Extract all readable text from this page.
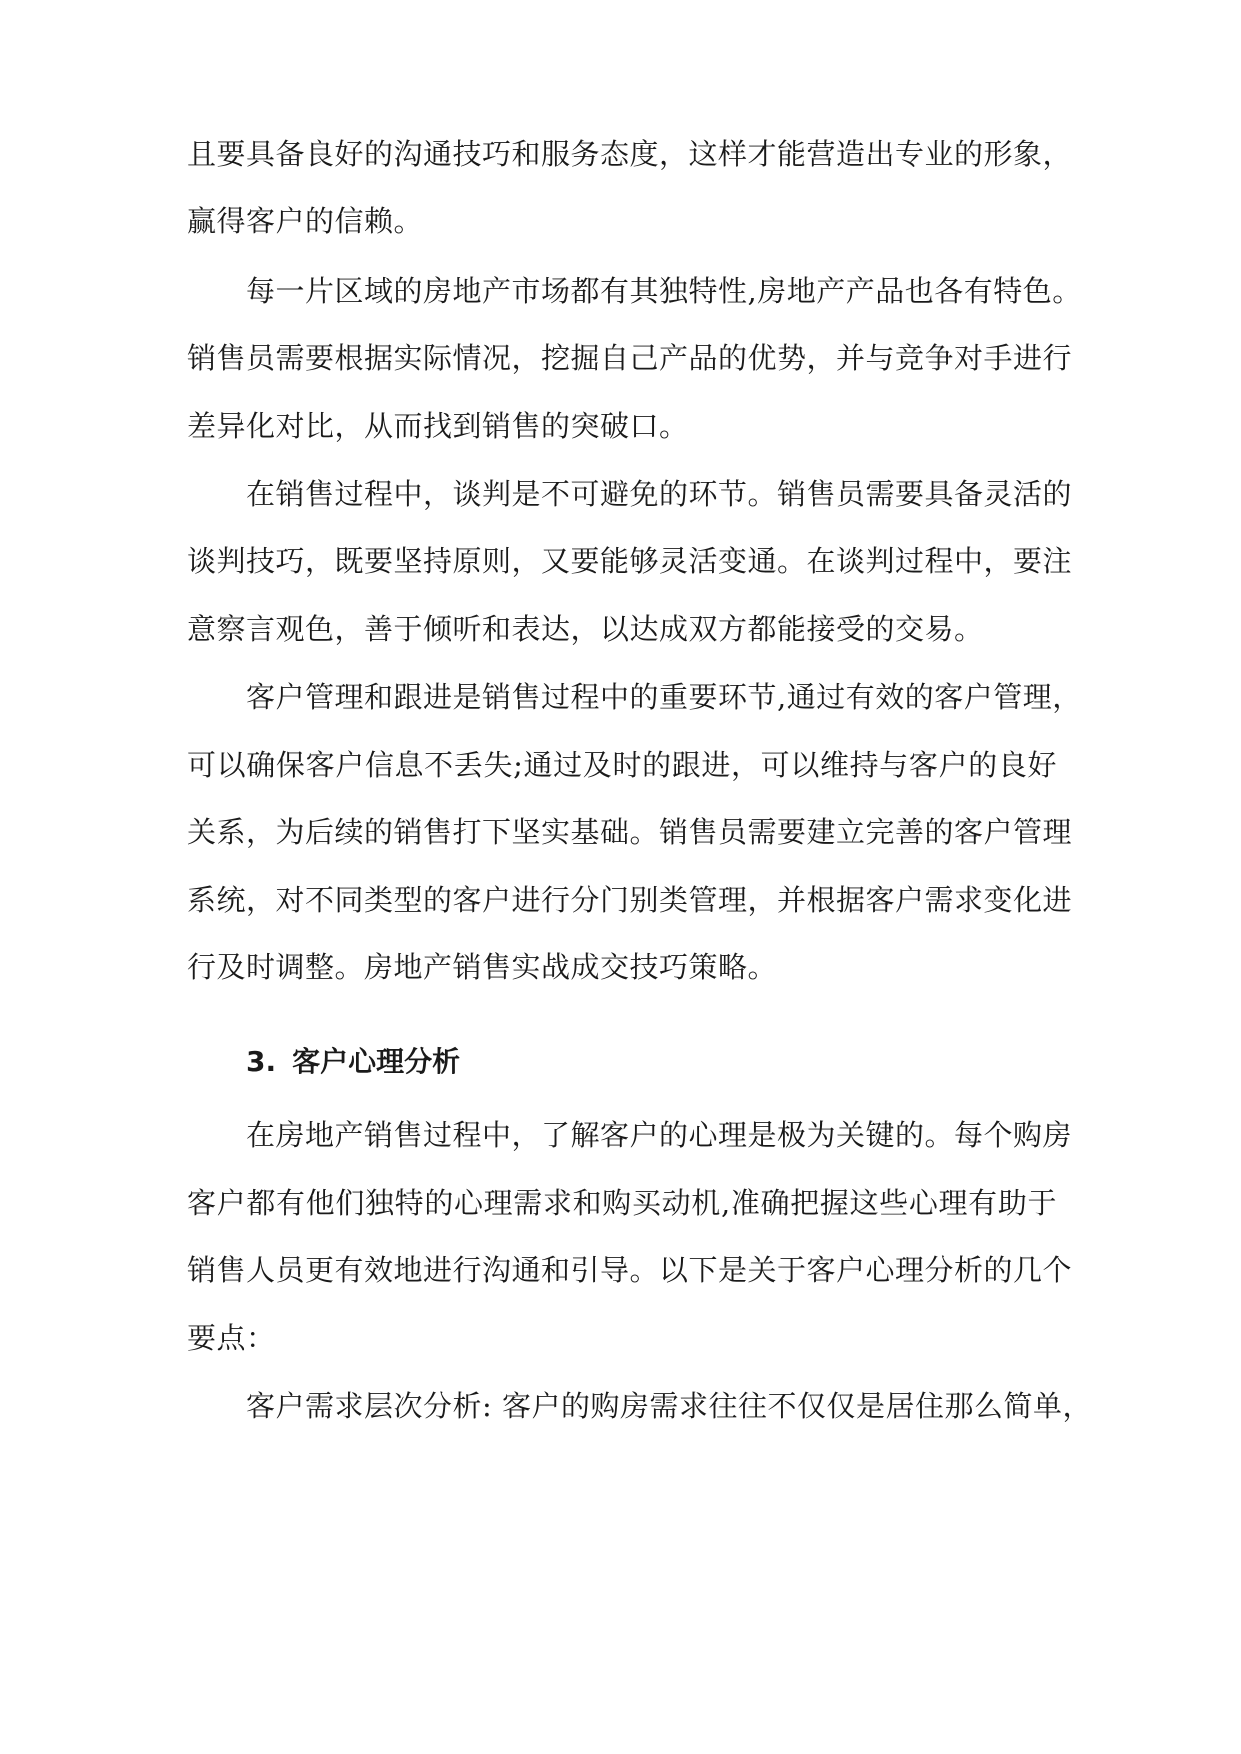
且要具备良好的沟通技巧和服务态度，这样才能营造出专业的形象，
赢得客户的信赖。
每一片区域的房地产市场都有其独特性,房地产产品也各有特色。
销售员需要根据实际情况，挖掘自己产品的优势，并与竞争对手进行
差异化对比，从而找到销售的突破口。
在销售过程中，谈判是不可避免的环节。销售员需要具备灵活的
谈判技巧，既要坚持原则，又要能够灵活变通。在谈判过程中，要注
意察言观色，善于倾听和表达，以达成双方都能接受的交易。
客户管理和跟进是销售过程中的重要环节,通过有效的客户管理，
可以确保客户信息不丢失;通过及时的跟进，可以维持与客户的良好
关系，为后续的销售打下坚实基础。销售员需要建立完善的客户管理
系统，对不同类型的客户进行分门别类管理，并根据客户需求变化进
行及时调整。房地产销售实战成交技巧策略。
3. 客户心理分析
在房地产销售过程中，了解客户的心理是极为关键的。每个购房
客户都有他们独特的心理需求和购买动机,准确把握这些心理有助于
销售人员更有效地进行沟通和引导。以下是关于客户心理分析的几个
要点：
客户需求层次分析: 客户的购房需求往往不仅仅是居住那么简单，
